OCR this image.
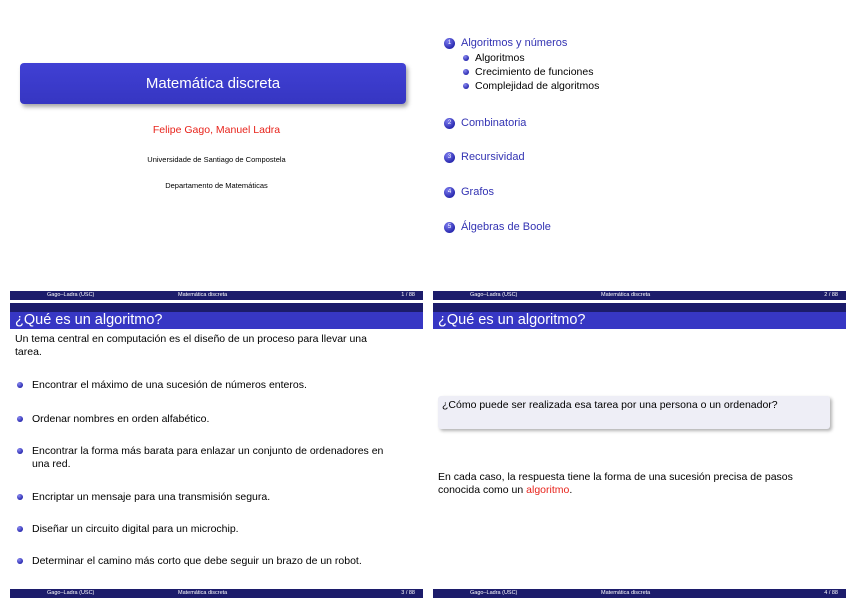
Matemática discreta
Felipe Gago, Manuel Ladra
Universidade de Santiago de Compostela
Departamento de Matemáticas
Gago–Ladra (USC)	Matemática discreta	1 / 88
1 Algoritmos y números
Algoritmos
Crecimiento de funciones
Complejidad de algoritmos
2 Combinatoria
3 Recursividad
4 Grafos
5 Álgebras de Boole
Gago–Ladra (USC)	Matemática discreta	2 / 88
¿Qué es un algoritmo?
Un tema central en computación es el diseño de un proceso para llevar una tarea.
Encontrar el máximo de una sucesión de números enteros.
Ordenar nombres en orden alfabético.
Encontrar la forma más barata para enlazar un conjunto de ordenadores en una red.
Encriptar un mensaje para una transmisión segura.
Diseñar un circuito digital para un microchip.
Determinar el camino más corto que debe seguir un brazo de un robot.
Gago–Ladra (USC)	Matemática discreta	3 / 88
¿Qué es un algoritmo?
¿Cómo puede ser realizada esa tarea por una persona o un ordenador?
En cada caso, la respuesta tiene la forma de una sucesión precisa de pasos conocida como un algoritmo.
Gago–Ladra (USC)	Matemática discreta	4 / 88
